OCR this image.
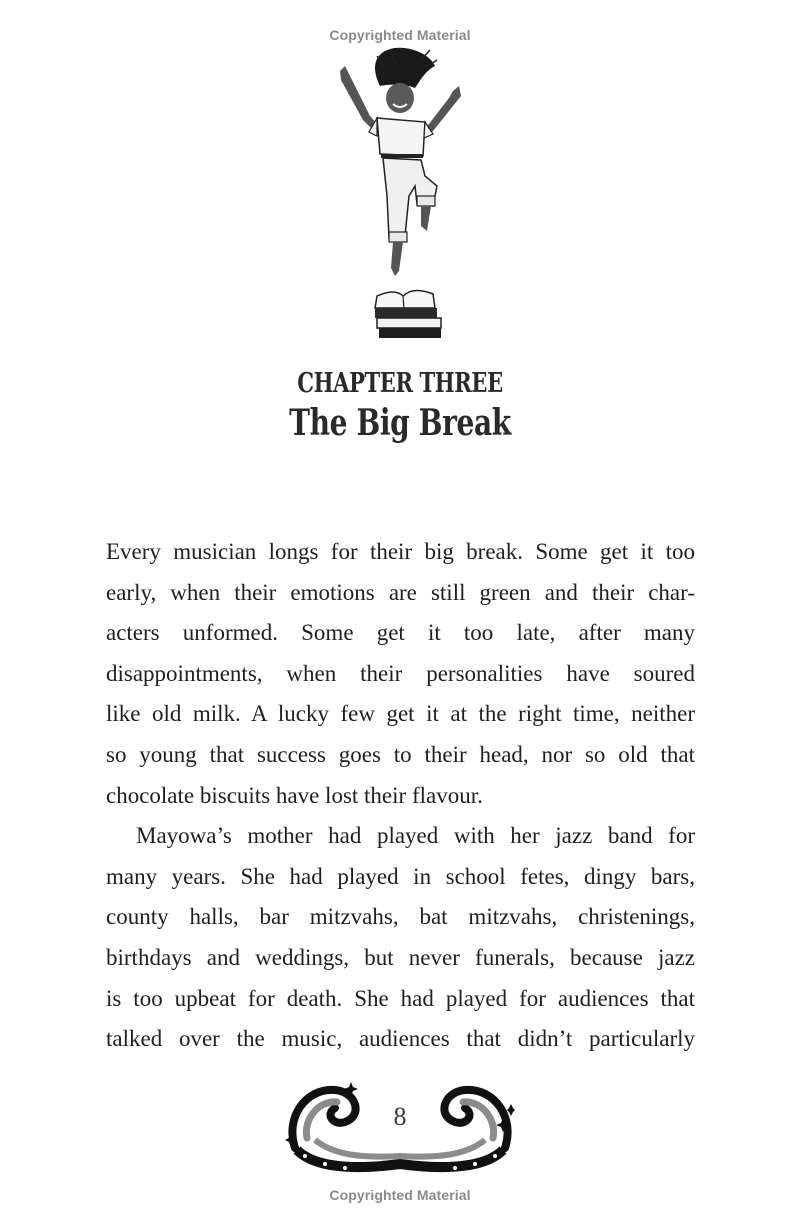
Copyrighted Material
CHAPTER THREE
The Big Break
Every musician longs for their big break. Some get it too
early, when their emotions are still green and their char-
acters unformed. Some get it too late, after many
disappointments, when their personalities have soured
like old milk. A lucky few get it at the right time, neither
so young that success goes to their head, nor so old that
chocolate biscuits have lost their flavour.
Mayowa’s mother had played with her jazz band for
many years. She had played in school fetes, dingy bars,
county halls, bar mitzvahs, bat mitzvahs, christenings,
birthdays and weddings, but never funerals, because jazz
is too upbeat for death. She had played for audiences that
talked over the music, audiences that didn’t particularly
8
Copyrighted Material
